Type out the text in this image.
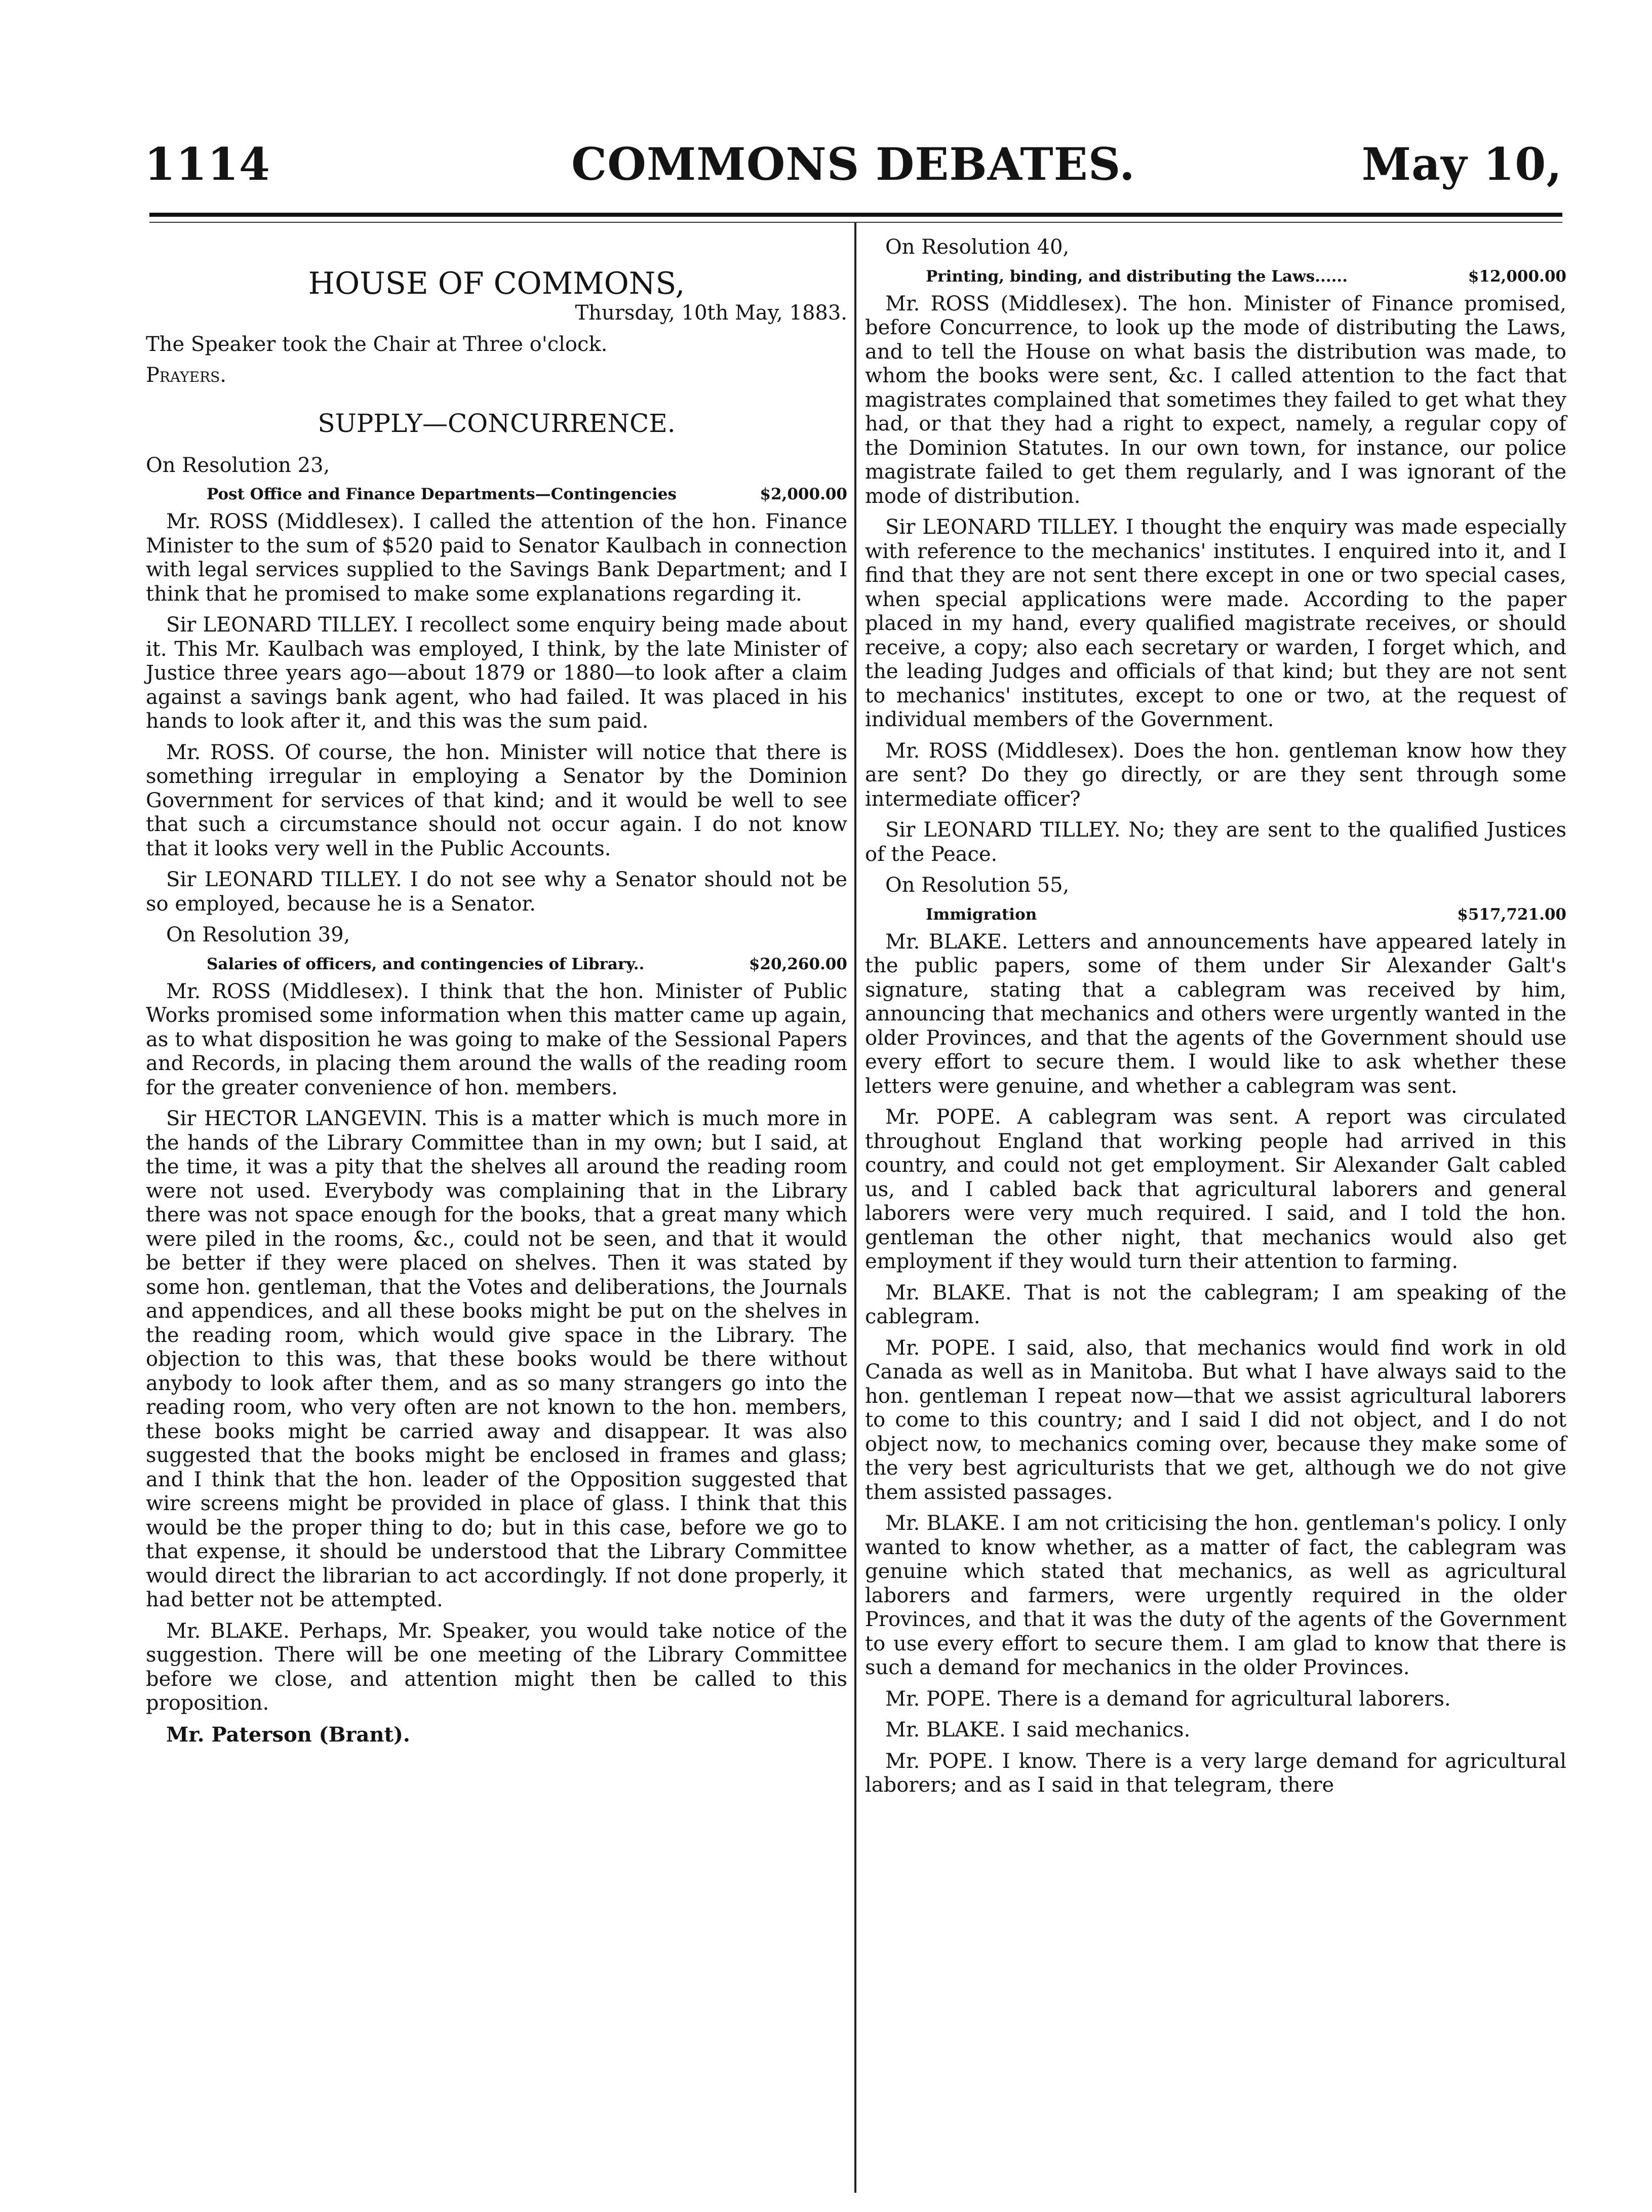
1114	COMMONS DEBATES.	May 10,
HOUSE OF COMMONS,

Thursday, 10th May, 1883.

The Speaker took the Chair at Three o'clock.

Prayers.

SUPPLY—CONCURRENCE.

On Resolution 23,

$2,000.00
Post Office and Finance Departments—Contingencies

Mr. ROSS (Middlesex). I called the attention of the hon. Finance Minister to the sum of $520 paid to Senator Kaulbach in connection with legal services supplied to the Savings Bank Department; and I think that he promised to make some explanations regarding it.

Sir LEONARD TILLEY. I recollect some enquiry being made about it. This Mr. Kaulbach was employed, I think, by the late Minister of Justice three years ago—about 1879 or 1880—to look after a claim against a savings bank agent, who had failed. It was placed in his hands to look after it, and this was the sum paid.

Mr. ROSS. Of course, the hon. Minister will notice that there is something irregular in employing a Senator by the Dominion Government for services of that kind; and it would be well to see that such a circumstance should not occur again. I do not know that it looks very well in the Public Accounts.

Sir LEONARD TILLEY. I do not see why a Senator should not be so employed, because he is a Senator.

On Resolution 39,

$20,260.00
Salaries of officers, and contingencies of Library..

Mr. ROSS (Middlesex). I think that the hon. Minister of Public Works promised some information when this matter came up again, as to what disposition he was going to make of the Sessional Papers and Records, in placing them around the walls of the reading room for the greater convenience of hon. members.

Sir HECTOR LANGEVIN. This is a matter which is much more in the hands of the Library Committee than in my own; but I said, at the time, it was a pity that the shelves all around the reading room were not used. Everybody was complaining that in the Library there was not space enough for the books, that a great many which were piled in the rooms, &c., could not be seen, and that it would be better if they were placed on shelves. Then it was stated by some hon. gentleman, that the Votes and deliberations, the Journals and appendices, and all these books might be put on the shelves in the reading room, which would give space in the Library. The objection to this was, that these books would be there without anybody to look after them, and as so many strangers go into the reading room, who very often are not known to the hon. members, these books might be carried away and disappear. It was also suggested that the books might be enclosed in frames and glass; and I think that the hon. leader of the Opposition suggested that wire screens might be provided in place of glass. I think that this would be the proper thing to do; but in this case, before we go to that expense, it should be understood that the Library Committee would direct the librarian to act accordingly. If not done properly, it had better not be attempted.

Mr. BLAKE. Perhaps, Mr. Speaker, you would take notice of the suggestion. There will be one meeting of the Library Committee before we close, and attention might then be called to this proposition.

Mr. Paterson (Brant).

On Resolution 40,

$12,000.00
Printing, binding, and distributing the Laws......

Mr. ROSS (Middlesex). The hon. Minister of Finance promised, before Concurrence, to look up the mode of distributing the Laws, and to tell the House on what basis the distribution was made, to whom the books were sent, &c. I called attention to the fact that magistrates complained that sometimes they failed to get what they had, or that they had a right to expect, namely, a regular copy of the Dominion Statutes. In our own town, for instance, our police magistrate failed to get them regularly, and I was ignorant of the mode of distribution.

Sir LEONARD TILLEY. I thought the enquiry was made especially with reference to the mechanics' institutes. I enquired into it, and I find that they are not sent there except in one or two special cases, when special applications were made. According to the paper placed in my hand, every qualified magistrate receives, or should receive, a copy; also each secretary or warden, I forget which, and the leading Judges and officials of that kind; but they are not sent to mechanics' institutes, except to one or two, at the request of individual members of the Government.

Mr. ROSS (Middlesex). Does the hon. gentleman know how they are sent? Do they go directly, or are they sent through some intermediate officer?

Sir LEONARD TILLEY. No; they are sent to the qualified Justices of the Peace.

On Resolution 55,

$517,721.00
Immigration

Mr. BLAKE. Letters and announcements have appeared lately in the public papers, some of them under Sir Alexander Galt's signature, stating that a cablegram was received by him, announcing that mechanics and others were urgently wanted in the older Provinces, and that the agents of the Government should use every effort to secure them. I would like to ask whether these letters were genuine, and whether a cablegram was sent.

Mr. POPE. A cablegram was sent. A report was circulated throughout England that working people had arrived in this country, and could not get employment. Sir Alexander Galt cabled us, and I cabled back that agricultural laborers and general laborers were very much required. I said, and I told the hon. gentleman the other night, that mechanics would also get employment if they would turn their attention to farming.

Mr. BLAKE. That is not the cablegram; I am speaking of the cablegram.

Mr. POPE. I said, also, that mechanics would find work in old Canada as well as in Manitoba. But what I have always said to the hon. gentleman I repeat now—that we assist agricultural laborers to come to this country; and I said I did not object, and I do not object now, to mechanics coming over, because they make some of the very best agriculturists that we get, although we do not give them assisted passages.

Mr. BLAKE. I am not criticising the hon. gentleman's policy. I only wanted to know whether, as a matter of fact, the cablegram was genuine which stated that mechanics, as well as agricultural laborers and farmers, were urgently required in the older Provinces, and that it was the duty of the agents of the Government to use every effort to secure them. I am glad to know that there is such a demand for mechanics in the older Provinces.

Mr. POPE. There is a demand for agricultural laborers.

Mr. BLAKE. I said mechanics.

Mr. POPE. I know. There is a very large demand for agricultural laborers; and as I said in that telegram, there
